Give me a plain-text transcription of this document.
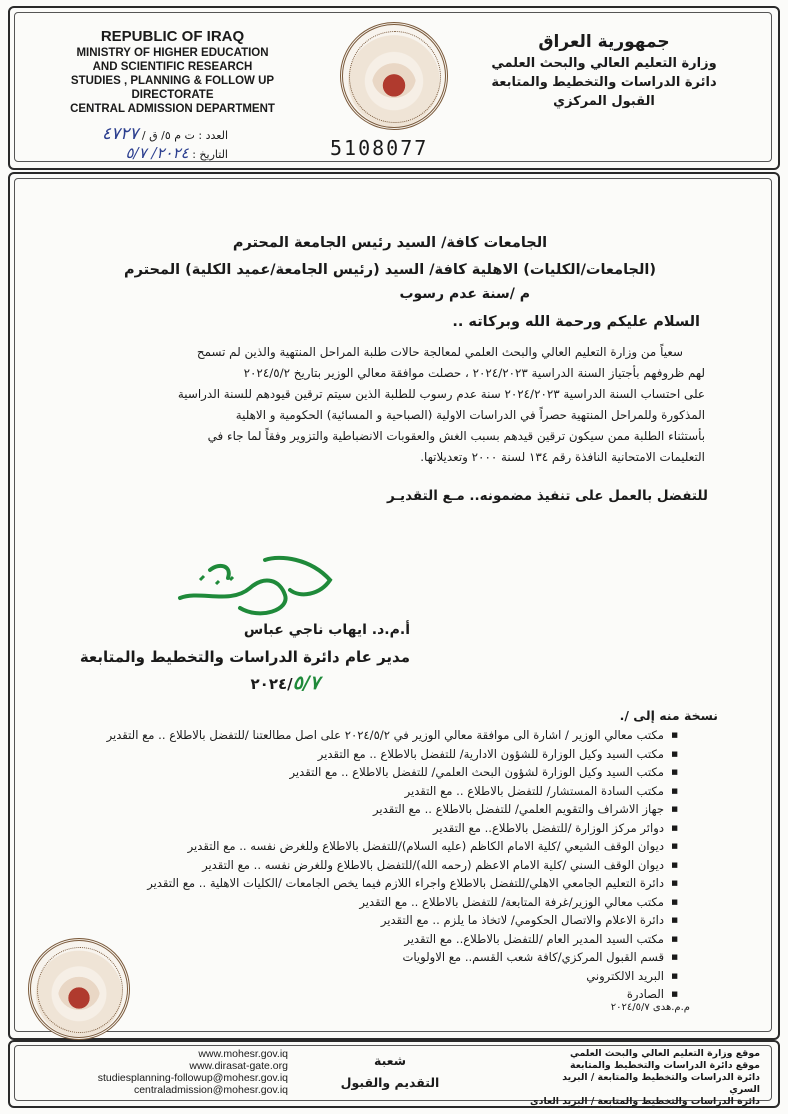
REPUBLIC OF IRAQ
MINISTRY OF HIGHER EDUCATION
AND SCIENTIFIC RESEARCH
STUDIES , PLANNING & FOLLOW UP DIRECTORATE
CENTRAL ADMISSION DEPARTMENT
جمهورية العراق
وزارة التعليم العالي والبحث العلمي
دائرة الدراسات والتخطيط والمتابعة
القبول المركزي
العدد : ت م ٥/ ق / ٤٧٢٧
التاريخ : ٢٠٢٤/ ٥/٧	5108077
الجامعات كافة/ السيد رئيس الجامعة المحترم
(الجامعات/الكليات) الاهلية كافة/ السيد (رئيس الجامعة/عميد الكلية) المحترم
م /سنة عدم رسوب
السلام عليكم ورحمة الله وبركاته ..

سعياً من وزارة التعليم العالي والبحث العلمي لمعالجة حالات طلبة المراحل المنتهية والذين لم تسمح

لهم ظروفهم بأجتياز السنة الدراسية ٢٠٢٤/٢٠٢٣ ، حصلت موافقة معالي الوزير بتاريخ ٢٠٢٤/٥/٢

على احتساب السنة الدراسية ٢٠٢٤/٢٠٢٣ سنة عدم رسوب للطلبة الذين سيتم ترقين قيودهم للسنة الدراسية

المذكورة وللمراحل المنتهية حصراً في الدراسات الاولية (الصباحية و المسائية) الحكومية و الاهلية

بأستثناء الطلبة ممن سيكون ترقين قيدهم بسبب الغش والعقوبات الانضباطية والتزوير وفقاً لما جاء في

التعليمات الامتحانية النافذة رقم ١٣٤ لسنة ٢٠٠٠ وتعديلاتها.

للتفضل بالعمل على تنفيذ مضمونه.. مـع التقديـر
أ.م.د. ايهاب ناجي عباس
مدير عام دائرة الدراسات والتخطيط والمتابعة
٢٠٢٤/٥/٧
نسخة منه إلى /.
■ مكتب معالي الوزير / اشارة الى موافقة معالي الوزير في ٢٠٢٤/٥/٢ على اصل مطالعتنا /للتفضل بالاطلاع .. مع التقدير
■ مكتب السيد وكيل الوزارة للشؤون الادارية/ للتفضل بالاطلاع .. مع التقدير
■ مكتب السيد وكيل الوزارة لشؤون البحث العلمي/ للتفضل بالاطلاع .. مع التقدير
■ مكتب السادة المستشار/ للتفضل بالاطلاع .. مع التقدير
■ جهاز الاشراف والتقويم العلمي/ للتفضل بالاطلاع .. مع التقدير
■ دوائر مركز الوزارة /للتفضل بالاطلاع.. مع التقدير
■ ديوان الوقف الشيعي /كلية الامام الكاظم (عليه السلام)/للتفضل بالاطلاع وللغرض نفسه .. مع التقدير
■ ديوان الوقف السني /كلية الامام الاعظم (رحمه الله)/للتفضل بالاطلاع وللغرض نفسه .. مع التقدير
■ دائرة التعليم الجامعي الاهلي/للتفضل بالاطلاع واجراء اللازم فيما يخص الجامعات /الكليات الاهلية .. مع التقدير
■ مكتب معالي الوزير/غرفة المتابعة/ للتفضل بالاطلاع .. مع التقدير
■ دائرة الاعلام والاتصال الحكومي/ لاتخاذ ما يلزم .. مع التقدير
■ مكتب السيد المدير العام /للتفضل بالاطلاع.. مع التقدير
■ قسم القبول المركزي/كافة شعب القسم.. مع الاولويات
■ البريد الالكتروني
■ الصادرة
م.م.هدى ٢٠٢٤/٥/٧
www.mohesr.gov.iq
www.dirasat-gate.org
studiesplanning-followup@mohesr.gov.iq
centraladmission@mohesr.gov.iq
شعبة
التقديم والقبول
موقع وزارة التعليم العالي والبحث العلمي
موقع دائرة الدراسات والتخطيط والمتابعة
دائرة الدراسات والتخطيط والمتابعة / البريد السري
دائرة الدراسات والتخطيط والمتابعة / البريد العادي
